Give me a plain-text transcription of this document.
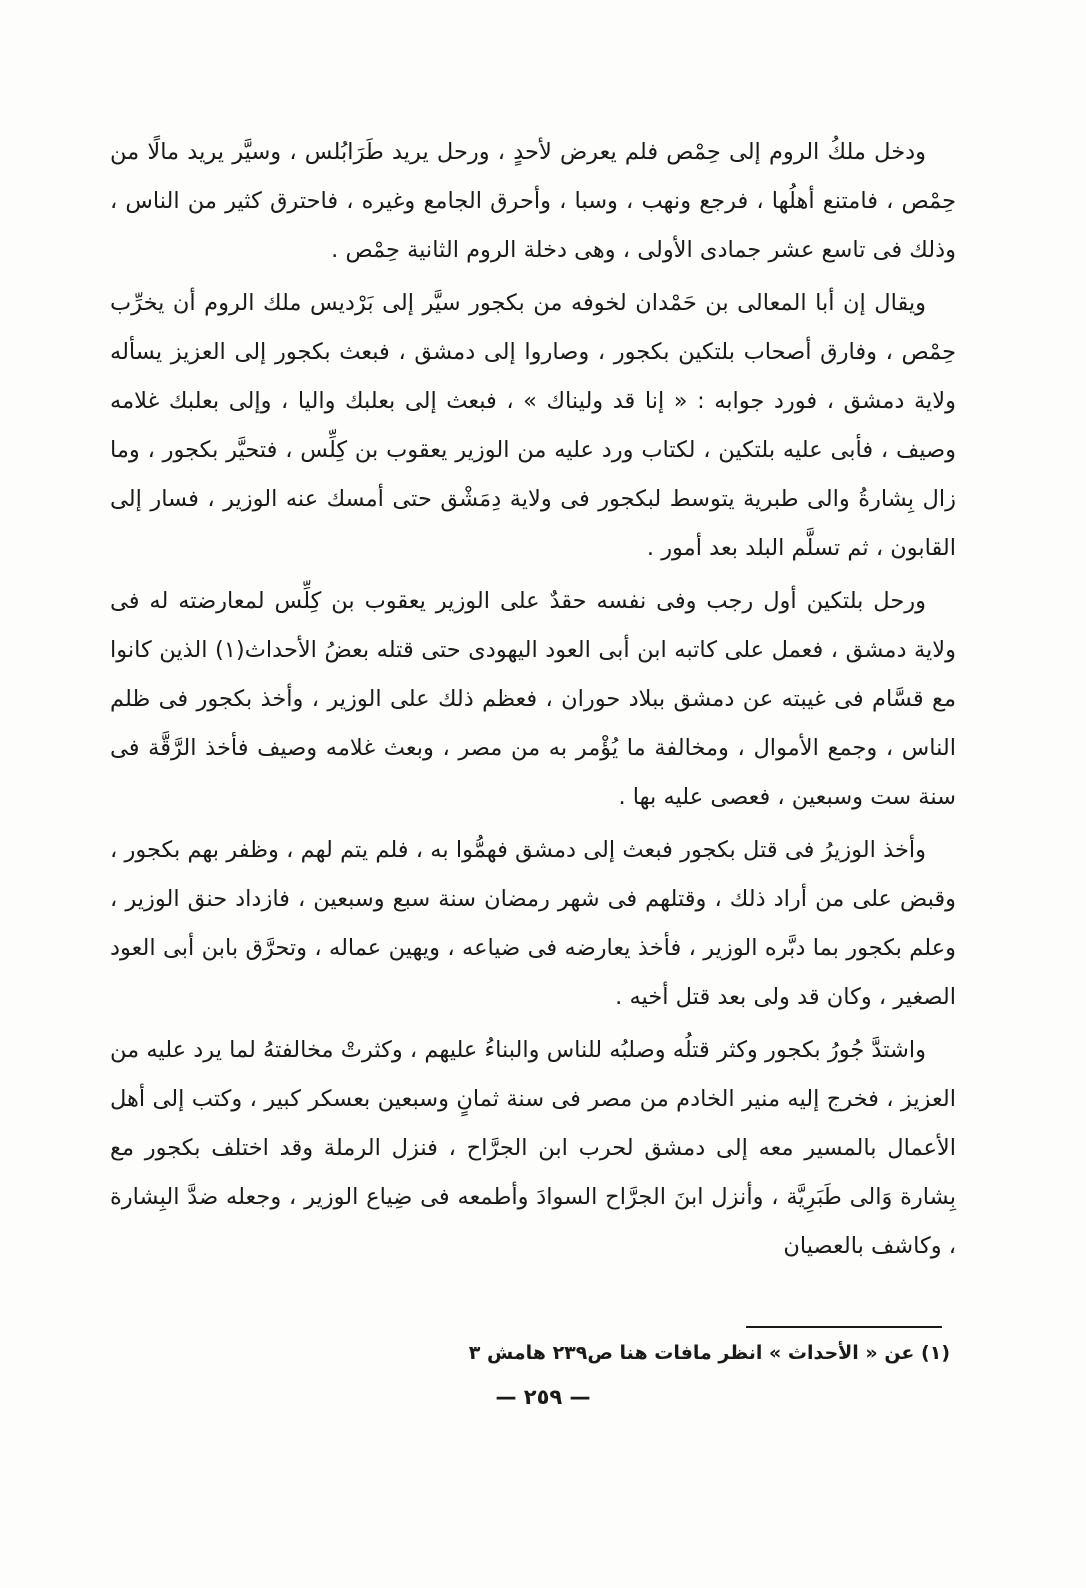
ودخل ملكُ الروم إلى حِمْص فلم يعرض لأحدٍ ، ورحل يريد طَرَابُلس ، وسيَّر يريد مالًا من حِمْص ، فامتنع أهلُها ، فرجع ونهب ، وسبا ، وأحرق الجامع وغيره ، فاحترق كثير من الناس ، وذلك فى تاسع عشر جمادى الأولى ، وهى دخلة الروم الثانية حِمْص .

ويقال إن أبا المعالى بن حَمْدان لخوفه من بكجور سيَّر إلى بَرْديس ملك الروم أن يخرِّب حِمْص ، وفارق أصحاب بلتكين بكجور ، وصاروا إلى دمشق ، فبعث بكجور إلى العزيز يسأله ولاية دمشق ، فورد جوابه : « إنا قد وليناك » ، فبعث إلى بعلبك واليا ، وإلى بعلبك غلامه وصيف ، فأبى عليه بلتكين ، لكتاب ورد عليه من الوزير يعقوب بن كِلِّس ، فتحيَّر بكجور ، وما زال بِشارةُ والى طبرية يتوسط لبكجور فى ولاية دِمَشْق حتى أمسك عنه الوزير ، فسار إلى القابون ، ثم تسلَّم البلد بعد أمور .

ورحل بلتكين أول رجب وفى نفسه حقدٌ على الوزير يعقوب بن كِلِّس لمعارضته له فى ولاية دمشق ، فعمل على كاتبه ابن أبى العود اليهودى حتى قتله بعضُ الأحداث(١) الذين كانوا مع قسَّام فى غيبته عن دمشق ببلاد حوران ، فعظم ذلك على الوزير ، وأخذ بكجور فى ظلم الناس ، وجمع الأموال ، ومخالفة ما يُؤْمر به من مصر ، وبعث غلامه وصيف فأخذ الرَّقَّة فى سنة ست وسبعين ، فعصى عليه بها .

وأخذ الوزيرُ فى قتل بكجور فبعث إلى دمشق فهمُّوا به ، فلم يتم لهم ، وظفر بهم بكجور ، وقبض على من أراد ذلك ، وقتلهم فى شهر رمضان سنة سبع وسبعين ، فازداد حنق الوزير ، وعلم بكجور بما دبَّره الوزير ، فأخذ يعارضه فى ضياعه ، ويهين عماله ، وتحرَّق بابن أبى العود الصغير ، وكان قد ولى بعد قتل أخيه .

واشتدَّ جُورُ بكجور وكثر قتلُه وصلبُه للناس والبناءُ عليهم ، وكثرتْ مخالفتهُ لما يرد عليه من العزيز ، فخرج إليه منير الخادم من مصر فى سنة ثمانٍ وسبعين بعسكر كبير ، وكتب إلى أهل الأعمال بالمسير معه إلى دمشق لحرب ابن الجرَّاح ، فنزل الرملة وقد اختلف بكجور مع بِشارة وَالى طَبَرِيَّة ، وأنزل ابنَ الجرَّاح السوادَ وأطمعه فى ضِياع الوزير ، وجعله ضدَّ البِشارة ، وكاشف بالعصيان

(١) عن « الأحداث » انظر مافات هنا ص٢٣٩ هامش ٣
— ٢٥٩ —
